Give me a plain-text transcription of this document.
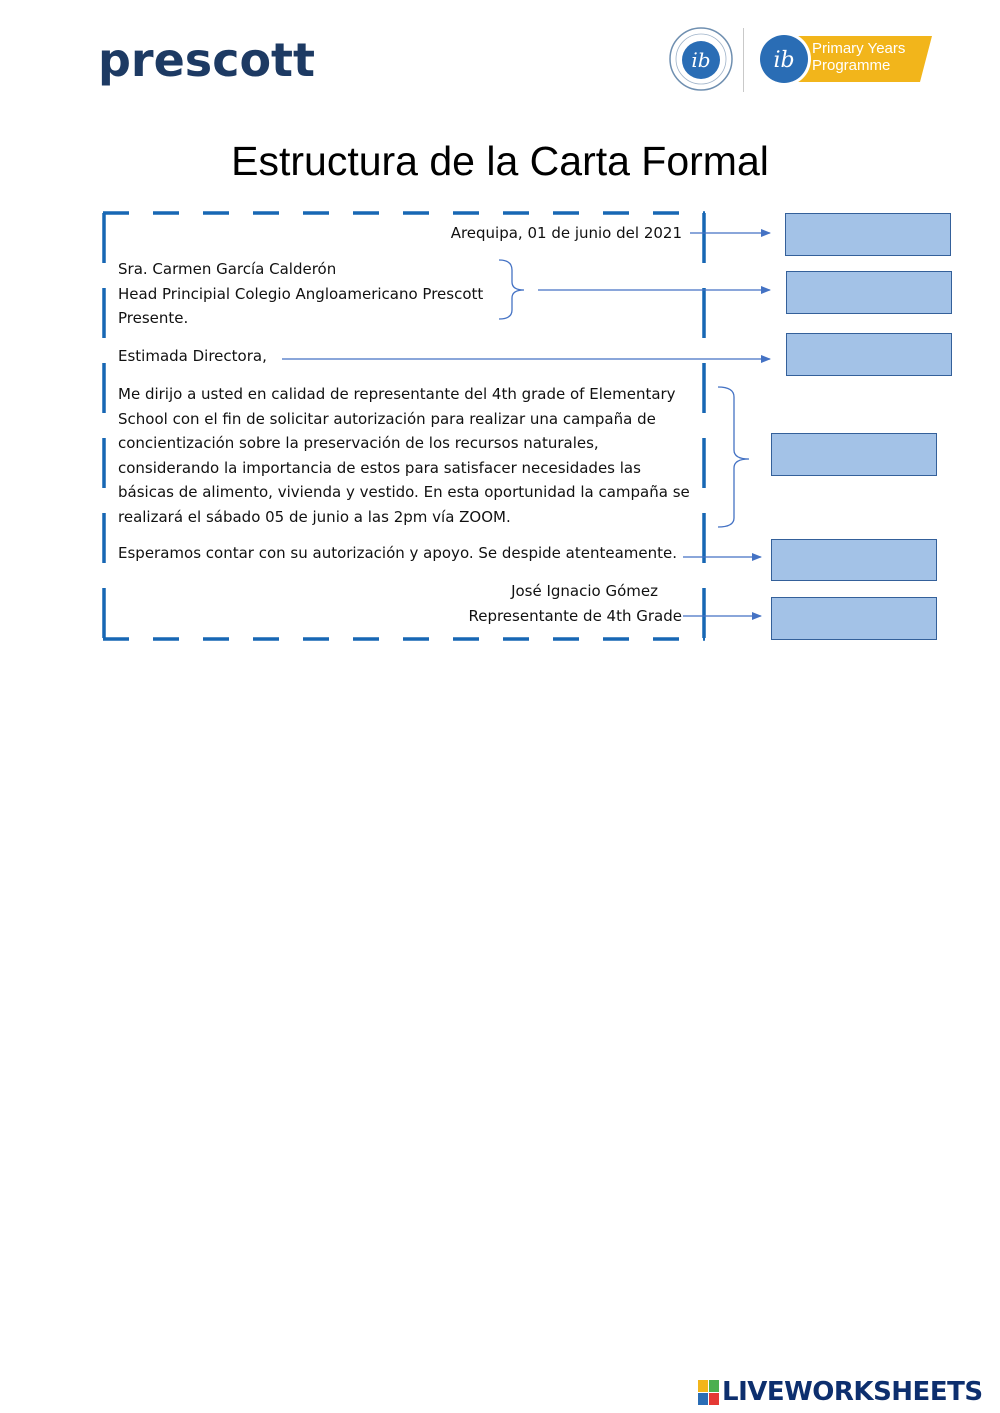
prescott	ib	ib Primary Years
Programme
Estructura de la Carta Formal
Arequipa, 01 de junio del 2021
Sra. Carmen García Calderón
Head Principial Colegio Angloamericano Prescott
Presente.
Estimada Directora,
Me dirijo a usted en calidad de representante del 4th grade of Elementary
School con el fin de solicitar autorización para realizar una campaña de
concientización sobre la preservación de los recursos naturales,
considerando la importancia de estos para satisfacer necesidades las
básicas de alimento, vivienda y vestido. En esta oportunidad la campaña se
realizará el sábado 05 de junio a las 2pm vía ZOOM.
Esperamos contar con su autorización y apoyo. Se despide atenteamente.
José Ignacio Gómez
Representante de 4th Grade
LIVEWORKSHEETS
